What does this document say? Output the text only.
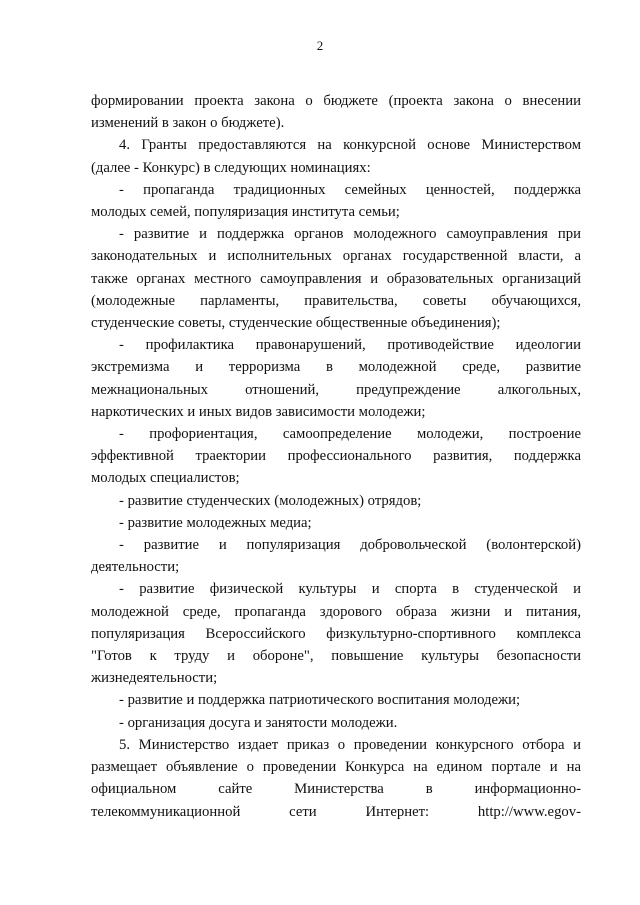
2
формировании проекта закона о бюджете (проекта закона о внесении
изменений в закон о бюджете).
4. Гранты предоставляются на конкурсной основе Министерством
(далее - Конкурс) в следующих номинациях:
- пропаганда традиционных семейных ценностей, поддержка
молодых семей, популяризация института семьи;
- развитие и поддержка органов молодежного самоуправления при
законодательных и исполнительных органах государственной власти, а
также органах местного самоуправления и образовательных организаций
(молодежные парламенты, правительства, советы обучающихся,
студенческие советы, студенческие общественные объединения);
- профилактика правонарушений, противодействие идеологии
экстремизма и терроризма в молодежной среде, развитие
межнациональных отношений, предупреждение алкогольных,
наркотических и иных видов зависимости молодежи;
- профориентация, самоопределение молодежи, построение
эффективной траектории профессионального развития, поддержка
молодых специалистов;
- развитие студенческих (молодежных) отрядов;
- развитие молодежных медиа;
- развитие и популяризация добровольческой (волонтерской)
деятельности;
- развитие физической культуры и спорта в студенческой и
молодежной среде, пропаганда здорового образа жизни и питания,
популяризация Всероссийского физкультурно-спортивного комплекса
"Готов к труду и обороне", повышение культуры безопасности
жизнедеятельности;
- развитие и поддержка патриотического воспитания молодежи;
- организация досуга и занятости молодежи.
5. Министерство издает приказ о проведении конкурсного отбора и
размещает объявление о проведении Конкурса на едином портале и на
официальном сайте Министерства в информационно-
телекоммуникационной сети Интернет: http://www.egov-
